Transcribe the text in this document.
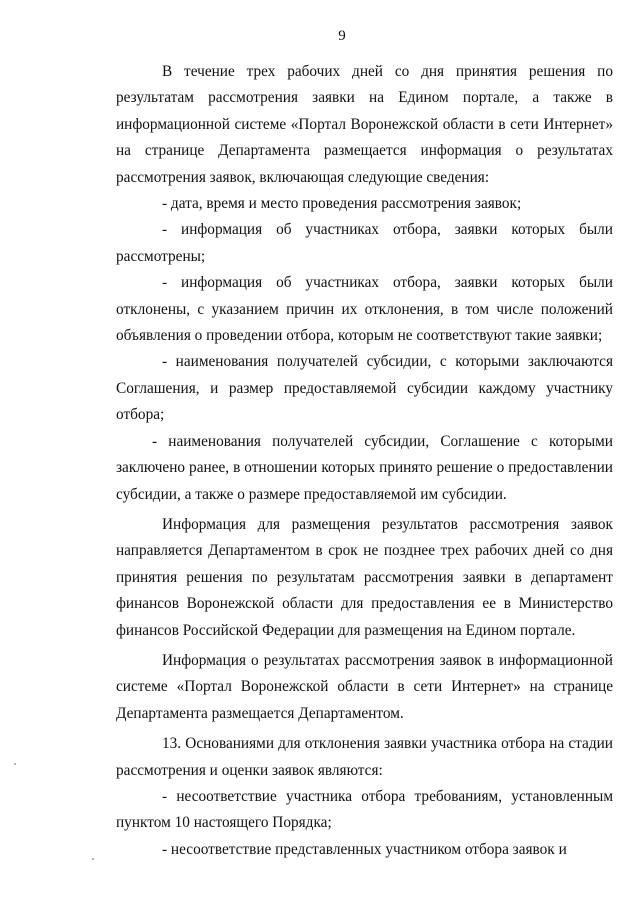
9

В течение трех рабочих дней со дня принятия решения по результатам рассмотрения заявки на Едином портале, а также в информационной системе «Портал Воронежской области в сети Интернет» на странице Департамента размещается информация о результатах рассмотрения заявок, включающая следующие сведения:

- дата, время и место проведения рассмотрения заявок;

- информация об участниках отбора, заявки которых были рассмотрены;

- информация об участниках отбора, заявки которых были отклонены, с указанием причин их отклонения, в том числе положений объявления о проведении отбора, которым не соответствуют такие заявки;

- наименования получателей субсидии, с которыми заключаются Соглашения, и размер предоставляемой субсидии каждому участнику отбора;

- наименования получателей субсидии, Соглашение с которыми заключено ранее, в отношении которых принято решение о предоставлении субсидии, а также о размере предоставляемой им субсидии.

Информация для размещения результатов рассмотрения заявок направляется Департаментом в срок не позднее трех рабочих дней со дня принятия решения по результатам рассмотрения заявки в департамент финансов Воронежской области для предоставления ее в Министерство финансов Российской Федерации для размещения на Едином портале.

Информация о результатах рассмотрения заявок в информационной системе «Портал Воронежской области в сети Интернет» на странице Департамента размещается Департаментом.

13. Основаниями для отклонения заявки участника отбора на стадии рассмотрения и оценки заявок являются:

- несоответствие участника отбора требованиям, установленным пунктом 10 настоящего Порядка;

- несоответствие представленных участником отбора заявок и
